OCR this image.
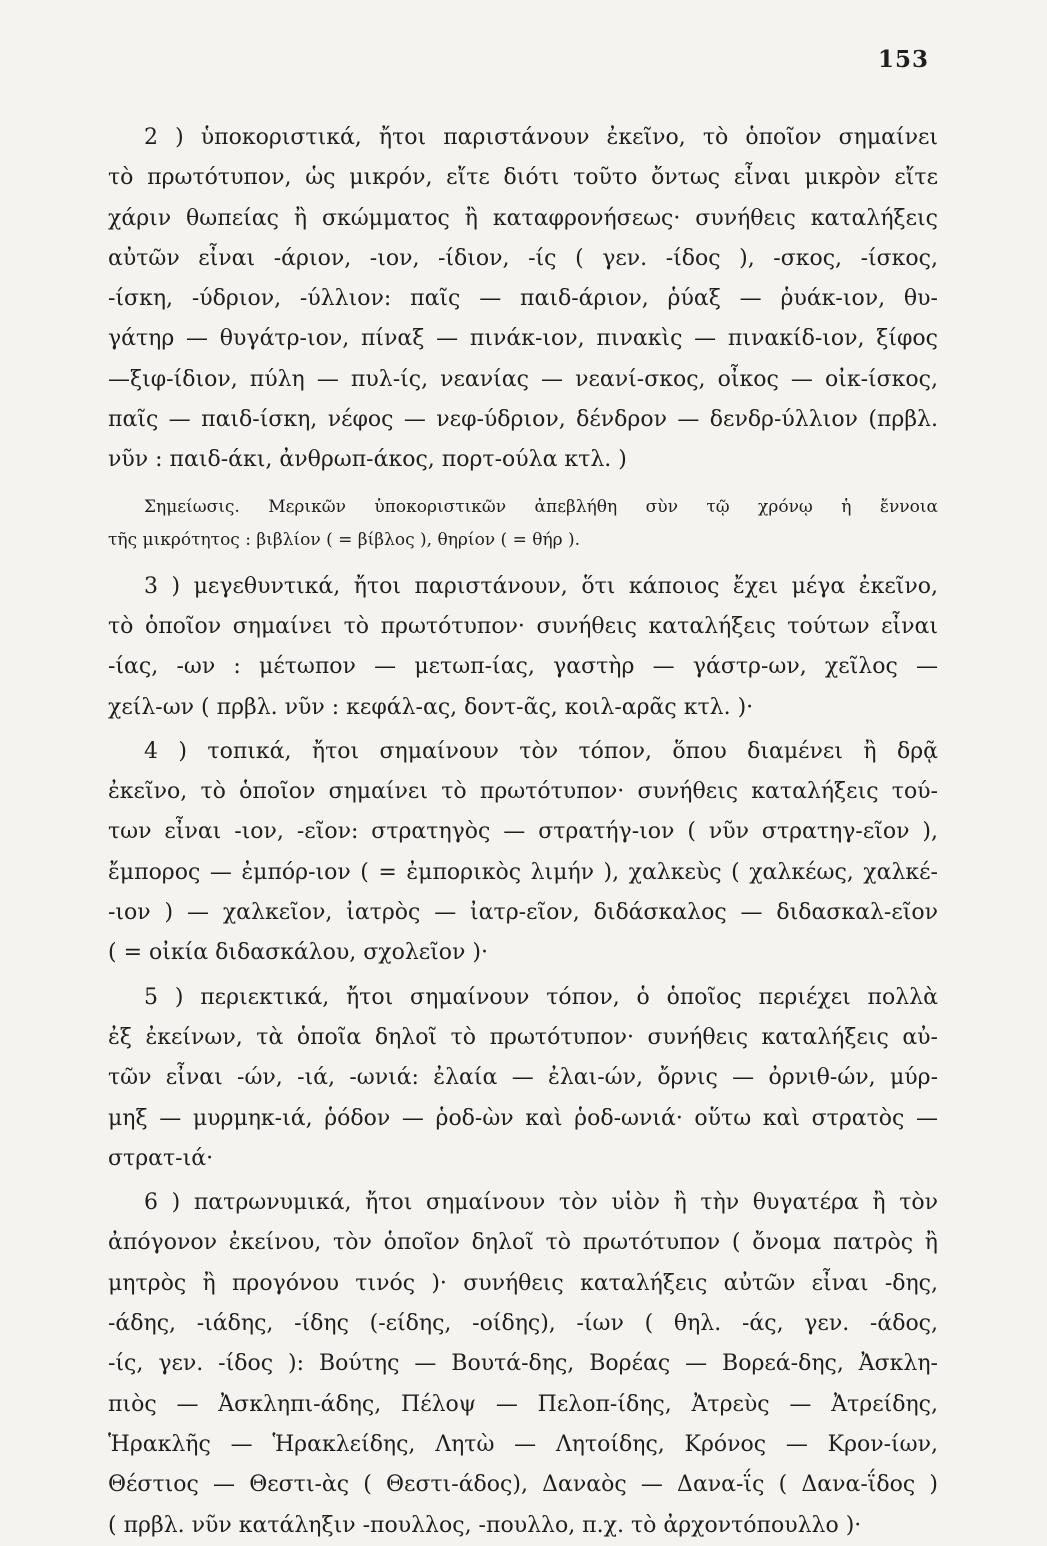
153
2 ) ὑποκοριστικά, ἤτοι παριστάνουν ἐκεῖνο, τὸ ὁποῖον σημαίνει
τὸ πρωτότυπον, ὡς μικρόν, εἴτε διότι τοῦτο ὄντως εἶναι μικρὸν εἴτε
χάριν θωπείας ἢ σκώμματος ἢ καταφρονήσεως· συνήθεις καταλήξεις
αὐτῶν εἶναι -άριον, -ιον, -ίδιον, -ίς ( γεν. -ίδος ), -σκος, -ίσκος,
-ίσκη, -ύδριον, -ύλλιον: παῖς — παιδ-άριον, ῥύαξ — ῥυάκ-ιον, θυ-
γάτηρ — θυγάτρ-ιον, πίναξ — πινάκ-ιον, πινακὶς — πινακίδ-ιον, ξίφος
—ξιφ-ίδιον, πύλη — πυλ-ίς, νεανίας — νεανί-σκος, οἶκος — οἰκ-ίσκος,
παῖς — παιδ-ίσκη, νέφος — νεφ-ύδριον, δένδρον — δενδρ-ύλλιον (πρβλ.
νῦν : παιδ-άκι, ἀνθρωπ-άκος, πορτ-ούλα κτλ. )
Σημείωσις. Μερικῶν ὑποκοριστικῶν ἀπεβλήθη σὺν τῷ χρόνῳ ἡ ἔννοια
τῆς μικρότητος : βιβλίον ( = βίβλος ), θηρίον ( = θήρ ).
3 ) μεγεθυντικά, ἤτοι παριστάνουν, ὅτι κάποιος ἔχει μέγα ἐκεῖνο,
τὸ ὁποῖον σημαίνει τὸ πρωτότυπον· συνήθεις καταλήξεις τούτων εἶναι
-ίας, -ων : μέτωπον — μετωπ-ίας, γαστὴρ — γάστρ-ων, χεῖλος —
χείλ-ων ( πρβλ. νῦν : κεφάλ-ας, δοντ-ᾶς, κοιλ-αρᾶς κτλ. )·
4 ) τοπικά, ἤτοι σημαίνουν τὸν τόπον, ὅπου διαμένει ἢ δρᾷ
ἐκεῖνο, τὸ ὁποῖον σημαίνει τὸ πρωτότυπον· συνήθεις καταλήξεις τού-
των εἶναι -ιον, -εῖον: στρατηγὸς — στρατήγ-ιον ( νῦν στρατηγ-εῖον ),
ἔμπορος — ἐμπόρ-ιον ( = ἐμπορικὸς λιμήν ), χαλκεὺς ( χαλκέως, χαλκέ-
-ιον ) — χαλκεῖον, ἰατρὸς — ἰατρ-εῖον, διδάσκαλος — διδασκαλ-εῖον
( = οἰκία διδασκάλου, σχολεῖον )·
5 ) περιεκτικά, ἤτοι σημαίνουν τόπον, ὁ ὁποῖος περιέχει πολλὰ
ἐξ ἐκείνων, τὰ ὁποῖα δηλοῖ τὸ πρωτότυπον· συνήθεις καταλήξεις αὐ-
τῶν εἶναι -ών, -ιά, -ωνιά: ἐλαία — ἐλαι-ών, ὄρνις — ὀρνιθ-ών, μύρ-
μηξ — μυρμηκ-ιά, ῥόδον — ῥοδ-ὼν καὶ ῥοδ-ωνιά· οὕτω καὶ στρατὸς —
στρατ-ιά·
6 ) πατρωνυμικά, ἤτοι σημαίνουν τὸν υἱὸν ἢ τὴν θυγατέρα ἢ τὸν
ἀπόγονον ἐκείνου, τὸν ὁποῖον δηλοῖ τὸ πρωτότυπον ( ὄνομα πατρὸς ἢ
μητρὸς ἢ προγόνου τινός )· συνήθεις καταλήξεις αὐτῶν εἶναι -δης,
-άδης, -ιάδης, -ίδης (-είδης, -οίδης), -ίων ( θηλ. -άς, γεν. -άδος,
-ίς, γεν. -ίδος ): Βούτης — Βουτά-δης, Βορέας — Βορεά-δης, Ἀσκλη-
πιὸς — Ἀσκληπι-άδης, Πέλοψ — Πελοπ-ίδης, Ἀτρεὺς — Ἀτρείδης,
Ἡρακλῆς — Ἡρακλείδης, Λητὼ — Λητοίδης, Κρόνος — Κρον-ίων,
Θέστιος — Θεστι-ὰς ( Θεστι-άδος), Δαναὸς — Δανα-ΐς ( Δανα-ΐδος )
( πρβλ. νῦν κατάληξιν -πουλλος, -πουλλο, π.χ. τὸ ἀρχοντόπουλλο )·
